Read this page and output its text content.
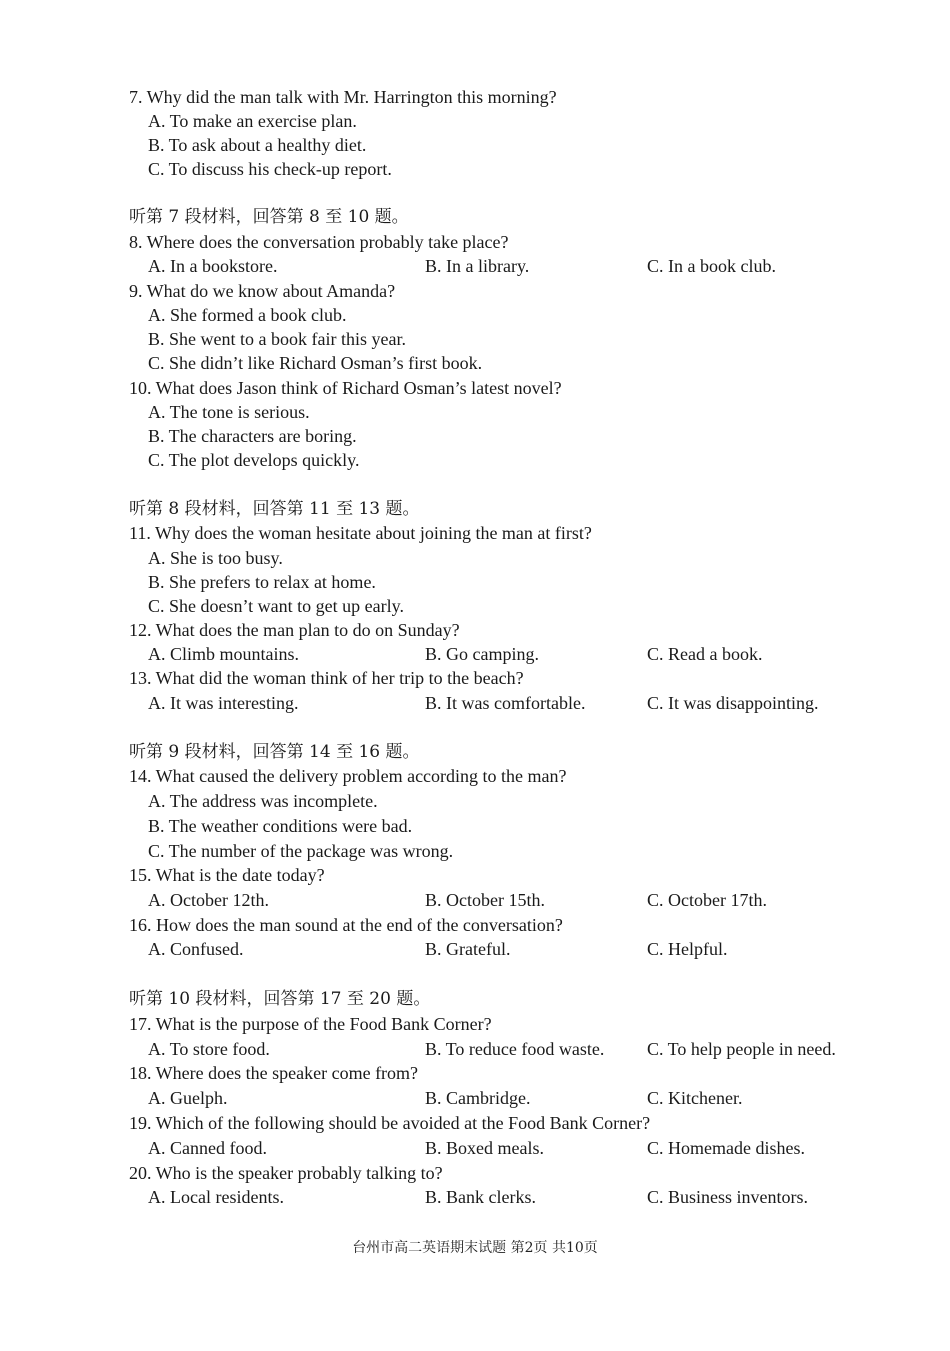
7. Why did the man talk with Mr. Harrington this morning?
A. To make an exercise plan.
B. To ask about a healthy diet.
C. To discuss his check-up report.
听第 7 段材料，回答第 8 至 10 题。
8. Where does the conversation probably take place?
A. In a bookstore.	B. In a library.	C. In a book club.
9. What do we know about Amanda?
A. She formed a book club.
B. She went to a book fair this year.
C. She didn’t like Richard Osman’s first book.
10. What does Jason think of Richard Osman’s latest novel?
A. The tone is serious.
B. The characters are boring.
C. The plot develops quickly.
听第 8 段材料，回答第 11 至 13 题。
11. Why does the woman hesitate about joining the man at first?
A. She is too busy.
B. She prefers to relax at home.
C. She doesn’t want to get up early.
12. What does the man plan to do on Sunday?
A. Climb mountains.	B. Go camping.	C. Read a book.
13. What did the woman think of her trip to the beach?
A. It was interesting.	B. It was comfortable.	C. It was disappointing.
听第 9 段材料，回答第 14 至 16 题。
14. What caused the delivery problem according to the man?
A. The address was incomplete.
B. The weather conditions were bad.
C. The number of the package was wrong.
15. What is the date today?
A. October 12th.	B. October 15th.	C. October 17th.
16. How does the man sound at the end of the conversation?
A. Confused.	B. Grateful.	C. Helpful.
听第 10 段材料，回答第 17 至 20 题。
17. What is the purpose of the Food Bank Corner?
A. To store food.	B. To reduce food waste. C. To help people in need.
18. Where does the speaker come from?
A. Guelph.	B. Cambridge.	C. Kitchener.
19. Which of the following should be avoided at the Food Bank Corner?
A. Canned food.	B. Boxed meals.	C. Homemade dishes.
20. Who is the speaker probably talking to?
A. Local residents.	B. Bank clerks.	C. Business inventors.
台州市高二英语期末试题 第2页 共10页
